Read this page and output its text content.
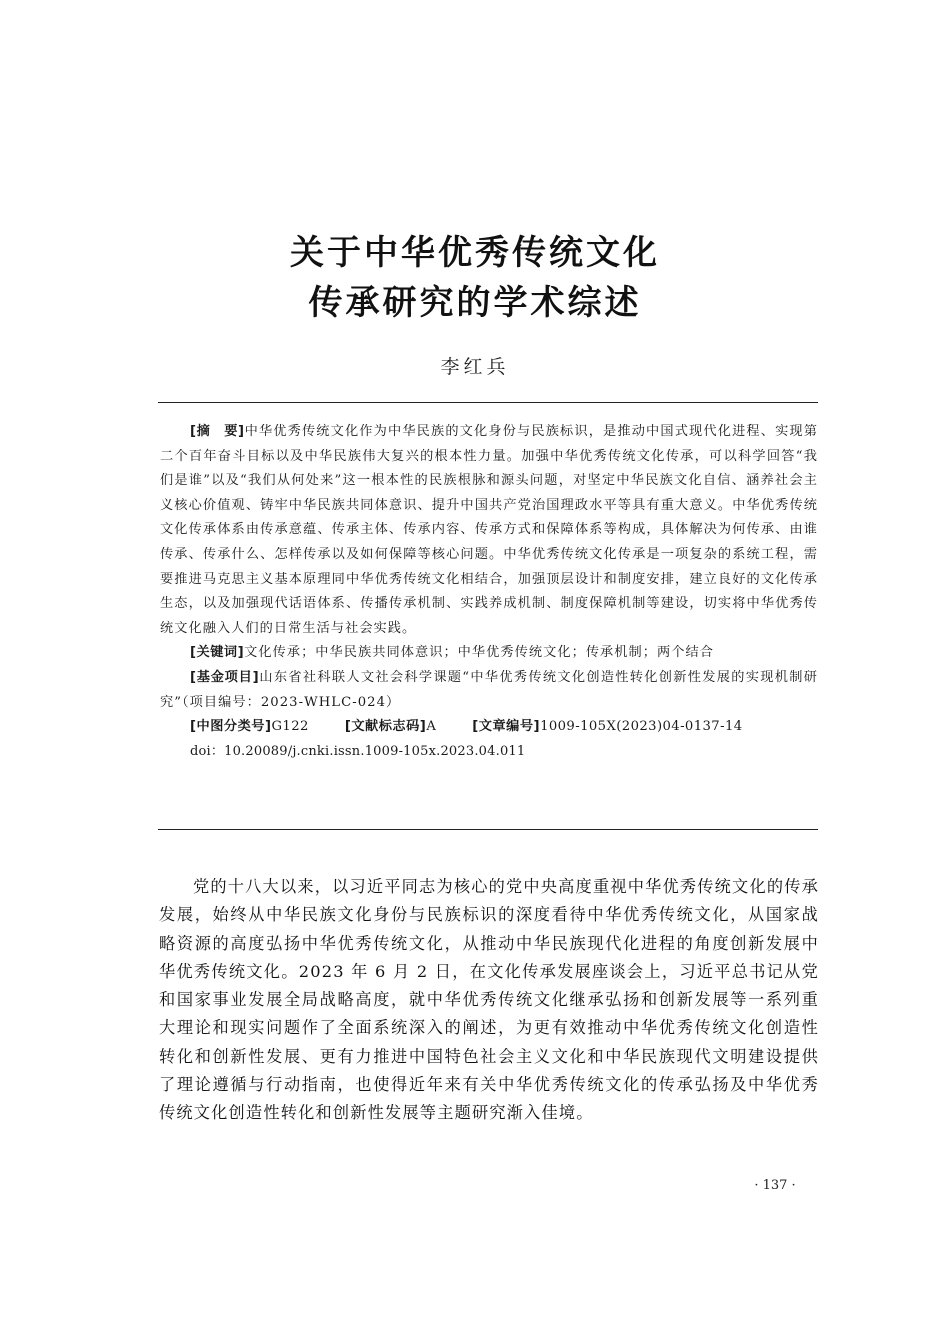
关于中华优秀传统文化
传承研究的学术综述
李红兵

[摘　要]中华优秀传统文化作为中华民族的文化身份与民族标识，是推动中国式现代化进程、实现第二个百年奋斗目标以及中华民族伟大复兴的根本性力量。加强中华优秀传统文化传承，可以科学回答“我们是谁”以及“我们从何处来”这一根本性的民族根脉和源头问题，对坚定中华民族文化自信、涵养社会主义核心价值观、铸牢中华民族共同体意识、提升中国共产党治国理政水平等具有重大意义。中华优秀传统文化传承体系由传承意蕴、传承主体、传承内容、传承方式和保障体系等构成，具体解决为何传承、由谁传承、传承什么、怎样传承以及如何保障等核心问题。中华优秀传统文化传承是一项复杂的系统工程，需要推进马克思主义基本原理同中华优秀传统文化相结合，加强顶层设计和制度安排，建立良好的文化传承生态，以及加强现代话语体系、传播传承机制、实践养成机制、制度保障机制等建设，切实将中华优秀传统文化融入人们的日常生活与社会实践。

[关键词]文化传承；中华民族共同体意识；中华优秀传统文化；传承机制；两个结合

[基金项目]山东省社科联人文社会科学课题“中华优秀传统文化创造性转化创新性发展的实现机制研究”（项目编号：2023-WHLC-024）

[中图分类号]G122	[文献标志码]A	[文章编号]1009-105X(2023)04-0137-14

doi：10.20089/j.cnki.issn.1009-105x.2023.04.011

党的十八大以来，以习近平同志为核心的党中央高度重视中华优秀传统文化的传承发展，始终从中华民族文化身份与民族标识的深度看待中华优秀传统文化，从国家战略资源的高度弘扬中华优秀传统文化，从推动中华民族现代化进程的角度创新发展中华优秀传统文化。2023 年 6 月 2 日，在文化传承发展座谈会上，习近平总书记从党和国家事业发展全局战略高度，就中华优秀传统文化继承弘扬和创新发展等一系列重大理论和现实问题作了全面系统深入的阐述，为更有效推动中华优秀传统文化创造性转化和创新性发展、更有力推进中国特色社会主义文化和中华民族现代文明建设提供了理论遵循与行动指南，也使得近年来有关中华优秀传统文化的传承弘扬及中华优秀传统文化创造性转化和创新性发展等主题研究渐入佳境。

· 137 ·
